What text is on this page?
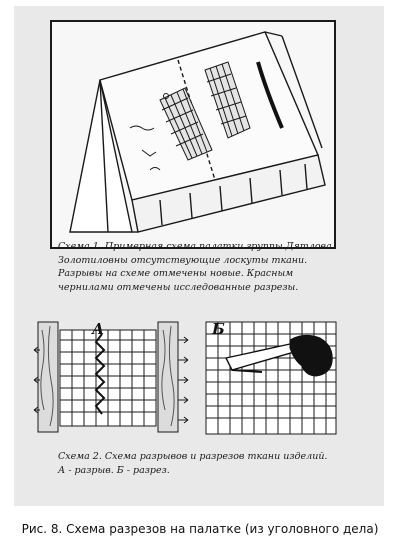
А	Б
Схема 1. Примерная схема палатки группы Дятлова Золотиловны отсутствующие лоскуты ткани. Разрывы на схеме отмечены новые. Красным чернилами отмечены исследованные разрезы.
Схема 2. Схема разрывов и разрезов ткани изделий.
А - разрыв. Б - разрез.
Рис. 8. Схема разрезов на палатке (из уголовного дела)
